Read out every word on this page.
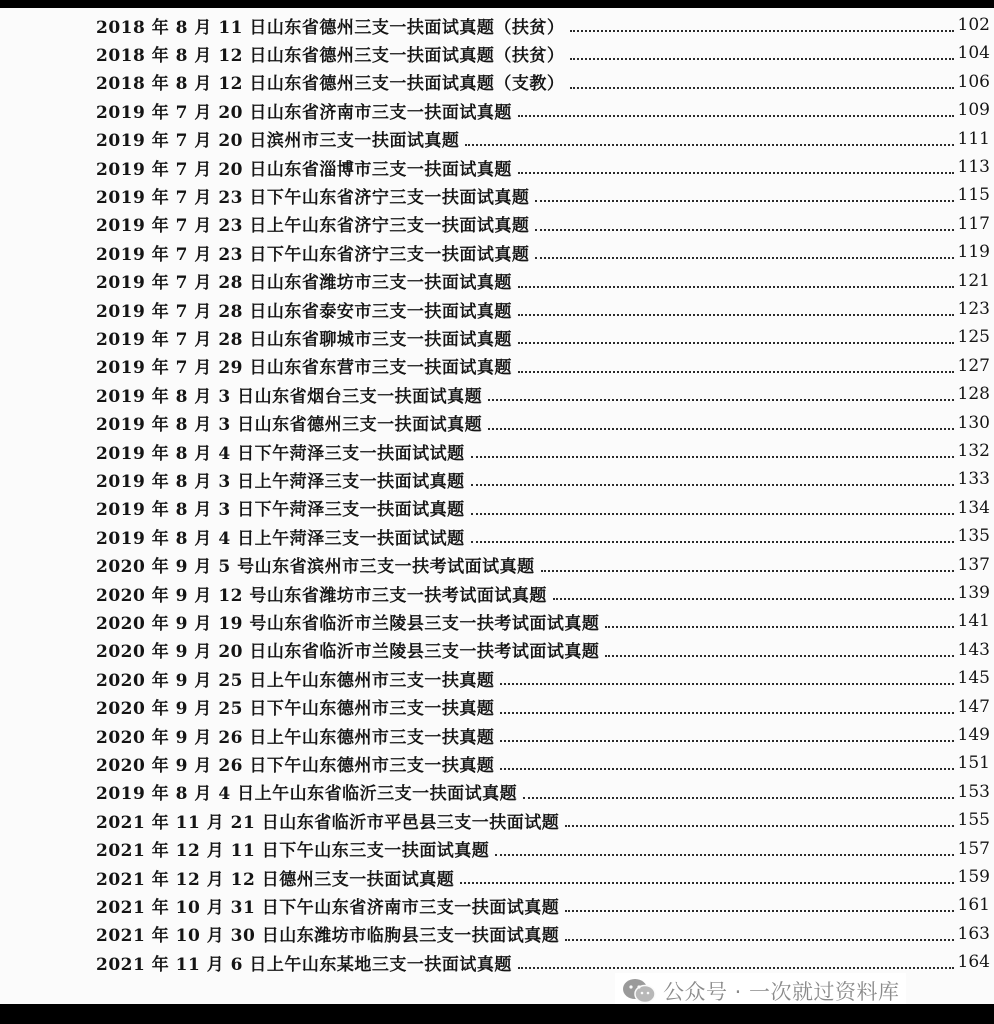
2018 年 8 月 11 日山东省德州三支一扶面试真题（扶贫）	102
2018 年 8 月 12 日山东省德州三支一扶面试真题（扶贫）	104
2018 年 8 月 12 日山东省德州三支一扶面试真题（支教）	106
2019 年 7 月 20 日山东省济南市三支一扶面试真题	109
2019 年 7 月 20 日滨州市三支一扶面试真题	111
2019 年 7 月 20 日山东省淄博市三支一扶面试真题	113
2019 年 7 月 23 日下午山东省济宁三支一扶面试真题	115
2019 年 7 月 23 日上午山东省济宁三支一扶面试真题	117
2019 年 7 月 23 日下午山东省济宁三支一扶面试真题	119
2019 年 7 月 28 日山东省潍坊市三支一扶面试真题	121
2019 年 7 月 28 日山东省泰安市三支一扶面试真题	123
2019 年 7 月 28 日山东省聊城市三支一扶面试真题	125
2019 年 7 月 29 日山东省东营市三支一扶面试真题	127
2019 年 8 月 3 日山东省烟台三支一扶面试真题	128
2019 年 8 月 3 日山东省德州三支一扶面试真题	130
2019 年 8 月 4 日下午菏泽三支一扶面试试题	132
2019 年 8 月 3 日上午菏泽三支一扶面试真题	133
2019 年 8 月 3 日下午菏泽三支一扶面试真题	134
2019 年 8 月 4 日上午菏泽三支一扶面试试题	135
2020 年 9 月 5 号山东省滨州市三支一扶考试面试真题	137
2020 年 9 月 12 号山东省潍坊市三支一扶考试面试真题	139
2020 年 9 月 19 号山东省临沂市兰陵县三支一扶考试面试真题	141
2020 年 9 月 20 日山东省临沂市兰陵县三支一扶考试面试真题	143
2020 年 9 月 25 日上午山东德州市三支一扶真题	145
2020 年 9 月 25 日下午山东德州市三支一扶真题	147
2020 年 9 月 26 日上午山东德州市三支一扶真题	149
2020 年 9 月 26 日下午山东德州市三支一扶真题	151
2019 年 8 月 4 日上午山东省临沂三支一扶面试真题	153
2021 年 11 月 21 日山东省临沂市平邑县三支一扶面试题	155
2021 年 12 月 11 日下午山东三支一扶面试真题	157
2021 年 12 月 12 日德州三支一扶面试真题	159
2021 年 10 月 31 日下午山东省济南市三支一扶面试真题	161
2021 年 10 月 30 日山东潍坊市临朐县三支一扶面试真题	163
2021 年 11 月 6 日上午山东某地三支一扶面试真题	164
公众号 · 一次就过资料库
